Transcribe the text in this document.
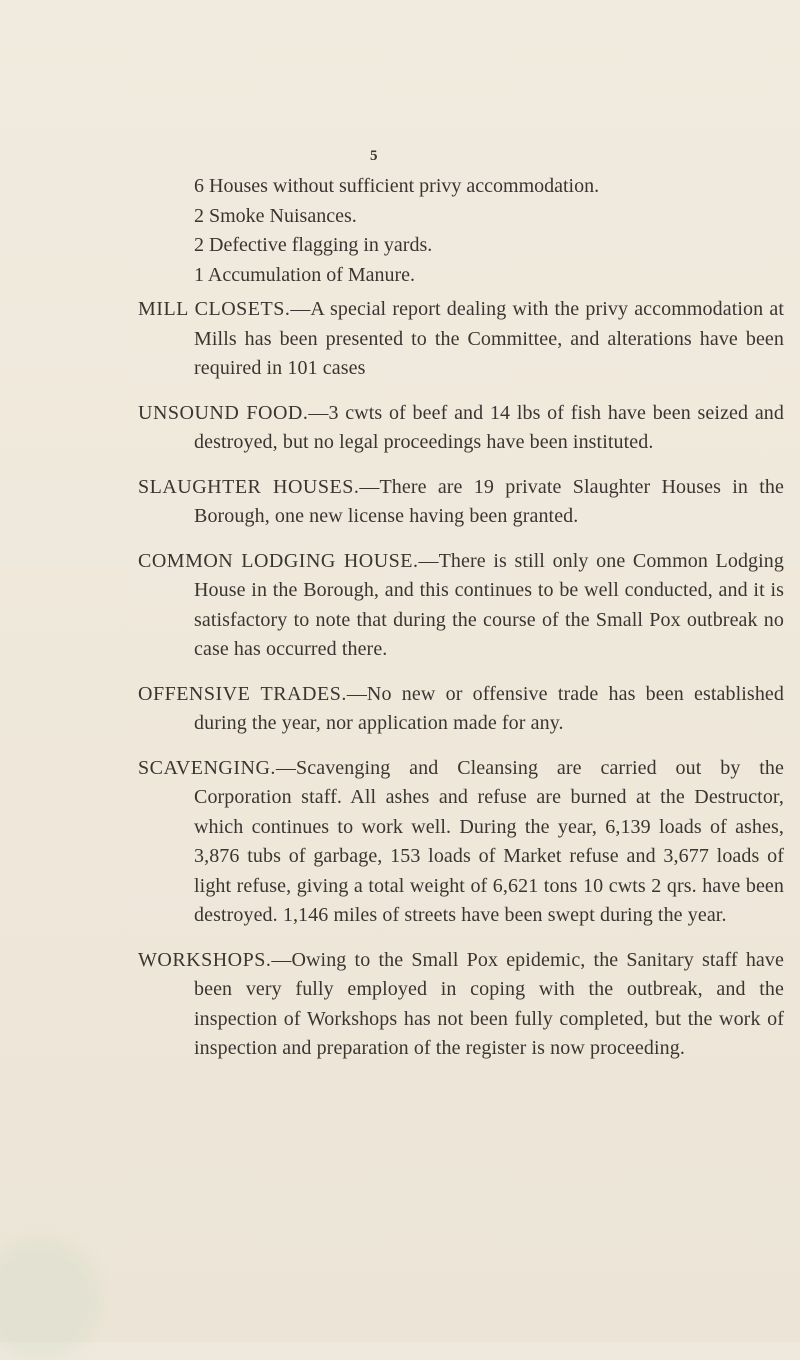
5
6 Houses without sufficient privy accommodation.
2 Smoke Nuisances.
2 Defective flagging in yards.
1 Accumulation of Manure.

MILL CLOSETS.—A special report dealing with the privy accommodation at Mills has been presented to the Committee, and alterations have been required in 101 cases

UNSOUND FOOD.—3 cwts of beef and 14 lbs of fish have been seized and destroyed, but no legal proceedings have been instituted.

SLAUGHTER HOUSES.—There are 19 private Slaughter Houses in the Borough, one new license having been granted.

COMMON LODGING HOUSE.—There is still only one Common Lodging House in the Borough, and this continues to be well conducted, and it is satisfactory to note that during the course of the Small Pox outbreak no case has occurred there.

OFFENSIVE TRADES.—No new or offensive trade has been established during the year, nor application made for any.

SCAVENGING.—Scavenging and Cleansing are carried out by the Corporation staff. All ashes and refuse are burned at the Destructor, which continues to work well. During the year, 6,139 loads of ashes, 3,876 tubs of garbage, 153 loads of Market refuse and 3,677 loads of light refuse, giving a total weight of 6,621 tons 10 cwts 2 qrs. have been destroyed. 1,146 miles of streets have been swept during the year.

WORKSHOPS.—Owing to the Small Pox epidemic, the Sanitary staff have been very fully employed in coping with the outbreak, and the inspection of Workshops has not been fully completed, but the work of inspection and preparation of the register is now proceeding.
